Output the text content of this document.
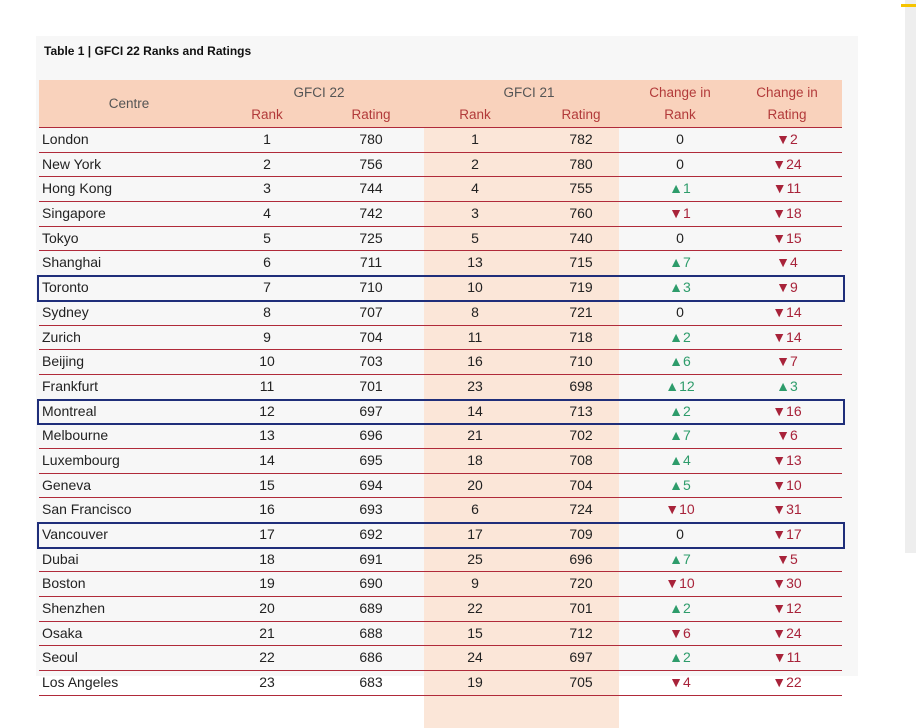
Table 1 | GFCI 22 Ranks and Ratings
Centre
GFCI 22	GFCI 21	Change in	Change in
Rank	Rating	Rank	Rating	Rank	Rating
London	1	780	1	782	0	▼2
New York	2	756	2	780	0	▼24
Hong Kong	3	744	4	755	▲1	▼11
Singapore	4	742	3	760	▼1	▼18
Tokyo	5	725	5	740	0	▼15
Shanghai	6	711	13	715	▲7	▼4
Toronto	7	710	10	719	▲3	▼9
Sydney	8	707	8	721	0	▼14
Zurich	9	704	11	718	▲2	▼14
Beijing	10	703	16	710	▲6	▼7
Frankfurt	11	701	23	698	▲12	▲3
Montreal	12	697	14	713	▲2	▼16
Melbourne	13	696	21	702	▲7	▼6
Luxembourg	14	695	18	708	▲4	▼13
Geneva	15	694	20	704	▲5	▼10
San Francisco	16	693	6	724	▼10	▼31
Vancouver	17	692	17	709	0	▼17
Dubai	18	691	25	696	▲7	▼5
Boston	19	690	9	720	▼10	▼30
Shenzhen	20	689	22	701	▲2	▼12
Osaka	21	688	15	712	▼6	▼24
Seoul	22	686	24	697	▲2	▼11
Los Angeles	23	683	19	705	▼4	▼22
